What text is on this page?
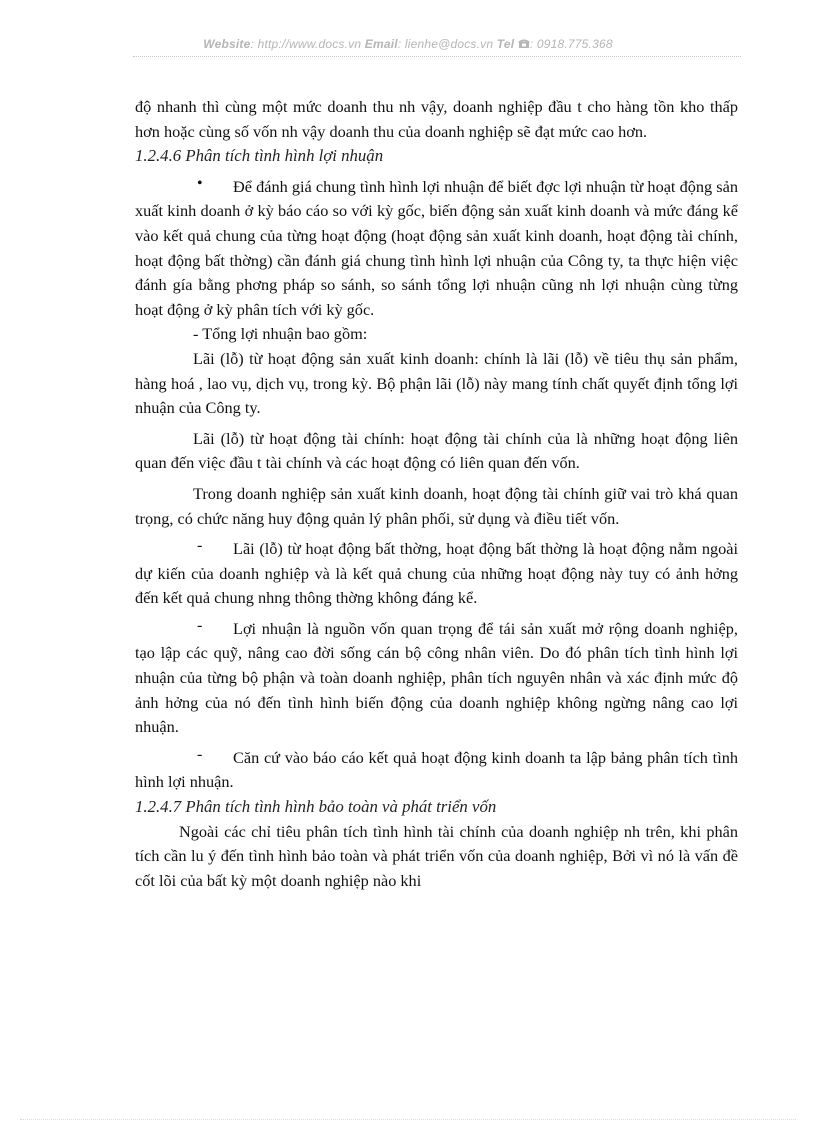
Website: http://www.docs.vn Email: lienhe@docs.vn Tel : 0918.775.368

độ nhanh thì cùng một mức doanh thu nh vậy, doanh nghiệp đầu t cho hàng tồn kho thấp hơn hoặc cùng số vốn nh vậy doanh thu của doanh nghiệp sẽ đạt mức cao hơn.

1.2.4.6 Phân tích tình hình lợi nhuận

•	Để đánh giá chung tình hình lợi nhuận để biết đợc lợi nhuận từ hoạt động sản xuất kinh doanh ở kỳ báo cáo so với kỳ gốc, biến động sản xuất kinh doanh và mức đáng kể vào kết quả chung của từng hoạt động (hoạt động sản xuất kinh doanh, hoạt động tài chính, hoạt động bất thờng) cần đánh giá chung tình hình lợi nhuận của Công ty, ta thực hiện việc đánh gía bằng phơng pháp so sánh, so sánh tổng lợi nhuận cũng nh lợi nhuận cùng từng hoạt động ở kỳ phân tích với kỳ gốc.

- Tổng lợi nhuận bao gồm:

Lãi (lỗ) từ hoạt động sản xuất kinh doanh: chính là lãi (lỗ) về tiêu thụ sản phẩm, hàng hoá , lao vụ, dịch vụ, trong kỳ. Bộ phận lãi (lỗ) này mang tính chất quyết định tổng lợi nhuận của Công ty.

Lãi (lỗ) từ hoạt động tài chính: hoạt động tài chính của là những hoạt động liên quan đến việc đầu t tài chính và các hoạt động có liên quan đến vốn.

Trong doanh nghiệp sản xuất kinh doanh, hoạt động tài chính giữ vai trò khá quan trọng, có chức năng huy động quản lý phân phối, sử dụng và điều tiết vốn.

-	Lãi (lỗ) từ hoạt động bất thờng, hoạt động bất thờng là hoạt động nằm ngoài dự kiến của doanh nghiệp và là kết quả chung của những hoạt động này tuy có ảnh hởng đến kết quả chung nhng thông thờng không đáng kể.

-	Lợi nhuận là nguồn vốn quan trọng để tái sản xuất mở rộng doanh nghiệp, tạo lập các quỹ, nâng cao đời sống cán bộ công nhân viên. Do đó phân tích tình hình lợi nhuận của từng bộ phận và toàn doanh nghiệp, phân tích nguyên nhân và xác định mức độ ảnh hởng của nó đến tình hình biến động của doanh nghiệp không ngừng nâng cao lợi nhuận.

-	Căn cứ vào báo cáo kết quả hoạt động kinh doanh ta lập bảng phân tích tình hình lợi nhuận.

1.2.4.7 Phân tích tình hình bảo toàn và phát triển vốn

Ngoài các chỉ tiêu phân tích tình hình tài chính của doanh nghiệp nh trên, khi phân tích cần lu ý đến tình hình bảo toàn và phát triển vốn của doanh nghiệp, Bởi vì nó là vấn đề cốt lõi của bất kỳ một doanh nghiệp nào khi
